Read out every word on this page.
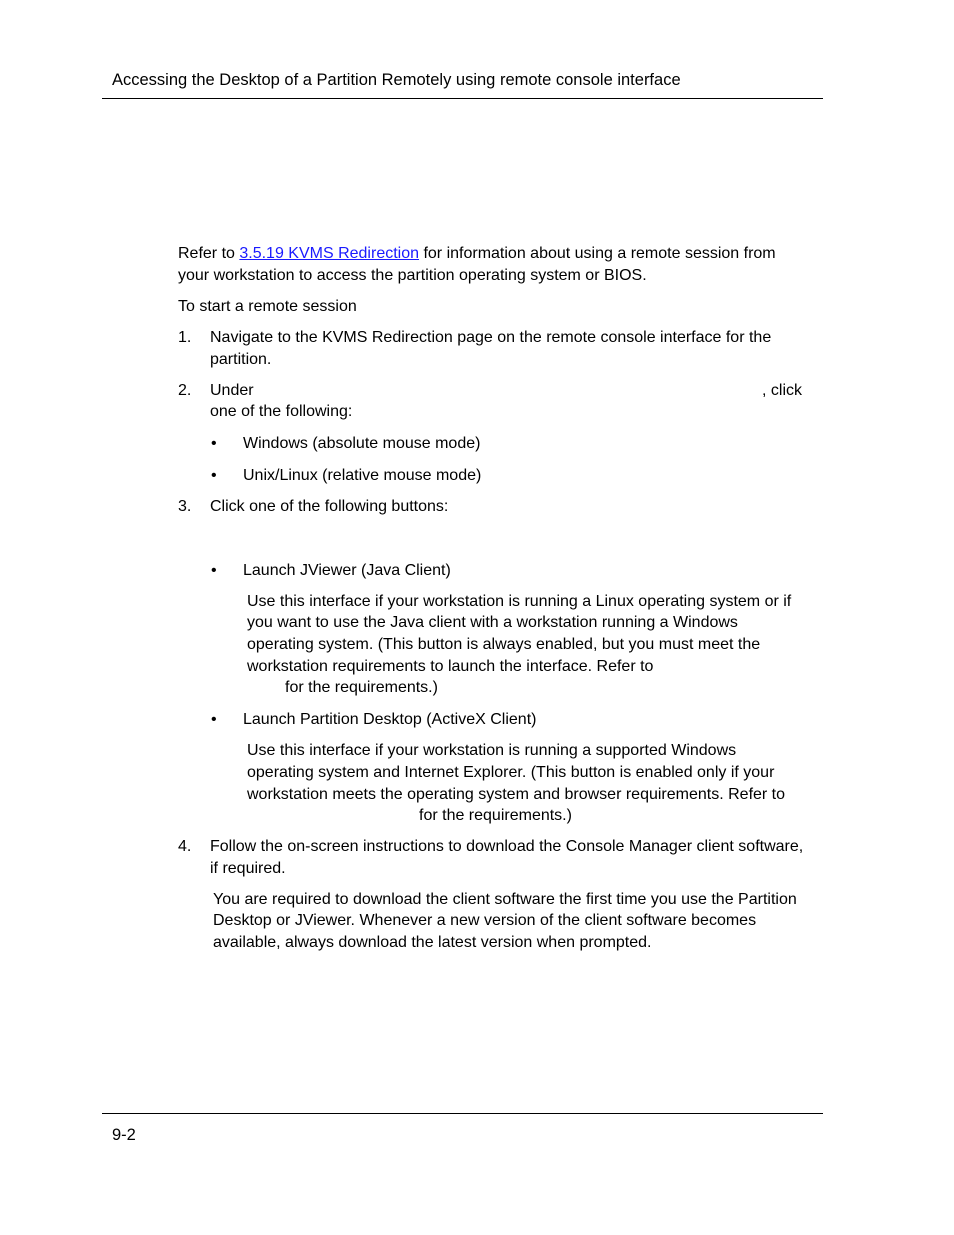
Accessing the Desktop of a Partition Remotely using remote console interface
Refer to 3.5.19 KVMS Redirection for information about using a remote session from
your workstation to access the partition operating system or BIOS.
To start a remote session
1. Navigate to the KVMS Redirection page on the remote console interface for the
partition.
2. Under	, click
one of the following:
• Windows (absolute mouse mode)
• Unix/Linux (relative mouse mode)
3. Click one of the following buttons:
• Launch JViewer (Java Client)
Use this interface if your workstation is running a Linux operating system or if
you want to use the Java client with a workstation running a Windows
operating system. (This button is always enabled, but you must meet the
workstation requirements to launch the interface. Refer to
for the requirements.)
• Launch Partition Desktop (ActiveX Client)
Use this interface if your workstation is running a supported Windows
operating system and Internet Explorer. (This button is enabled only if your
workstation meets the operating system and browser requirements. Refer to
for the requirements.)
4. Follow the on-screen instructions to download the Console Manager client software,
if required.
You are required to download the client software the first time you use the Partition
Desktop or JViewer. Whenever a new version of the client software becomes
available, always download the latest version when prompted.
9-2
